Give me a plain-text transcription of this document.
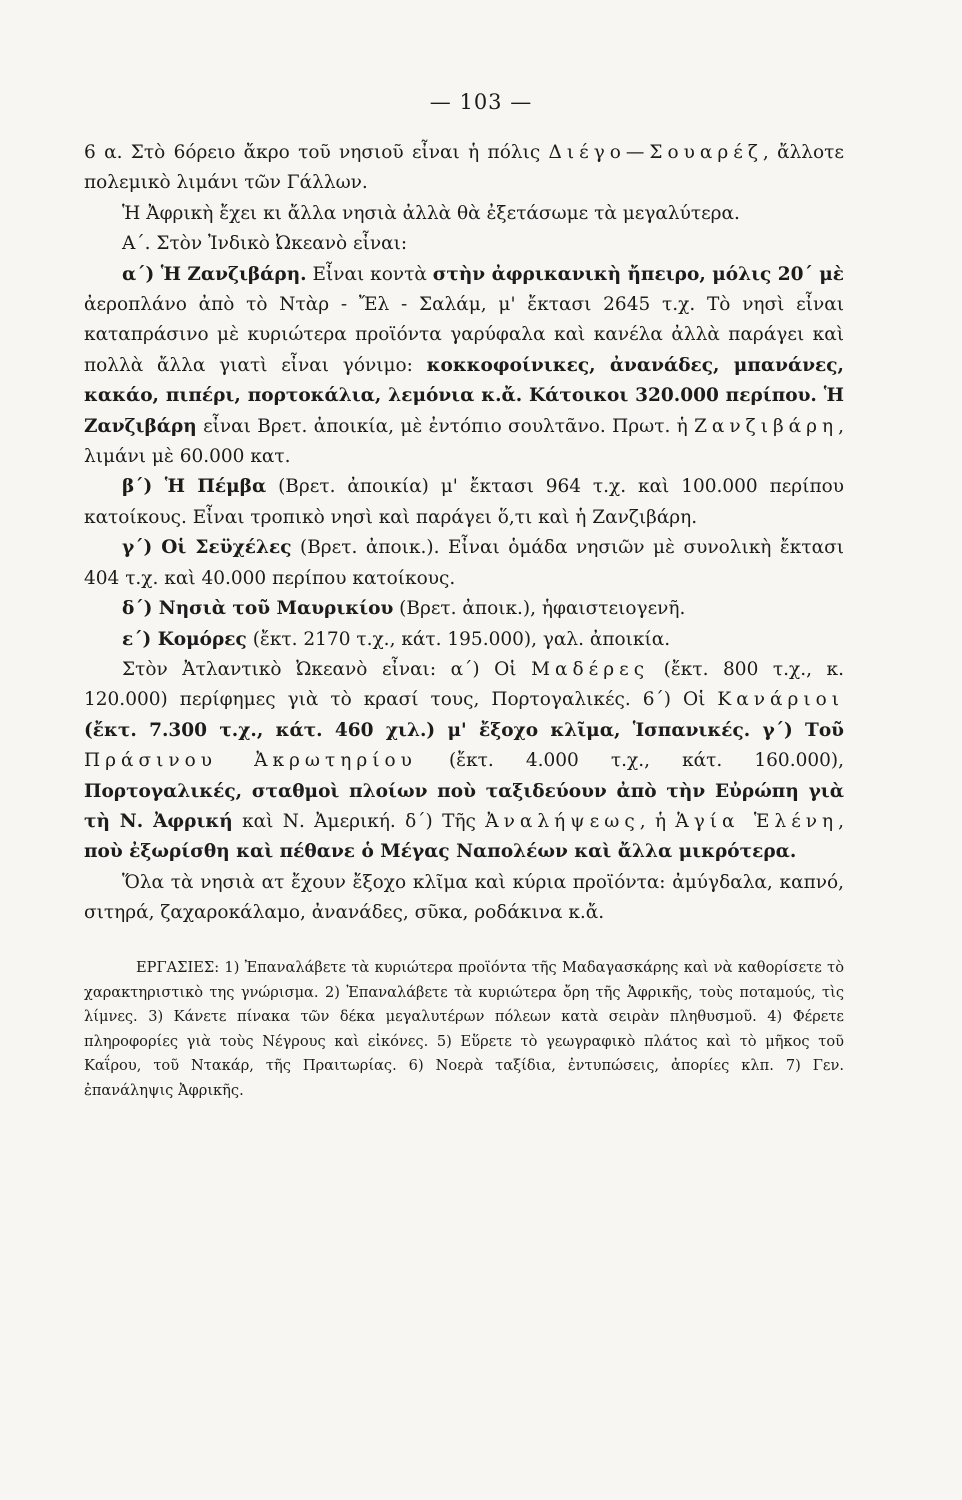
— 103 —

6 α. Στὸ 6όρειο ἄκρο τοῦ νησιοῦ εἶναι ἡ πόλις Διέγο—Σουαρέζ, ἄλλοτε πολεμικὸ λιμάνι τῶν Γάλλων.

Ἡ Ἀφρικὴ ἔχει κι ἄλλα νησιὰ ἀλλὰ θὰ ἐξετάσωμε τὰ μεγαλύτερα.

Α΄. Στὸν Ἰνδικὸ Ὠκεανὸ εἶναι:

α΄) Ἡ Ζανζιβάρη. Εἶναι κοντὰ στὴν ἀφρικανικὴ ἤπειρο, μόλις 20΄ μὲ ἀεροπλάνο ἀπὸ τὸ Ντὰρ - Ἔλ - Σαλάμ, μ' ἔκτασι 2645 τ.χ. Τὸ νησὶ εἶναι καταπράσινο μὲ κυριώτερα προϊόντα γαρύφαλα καὶ κανέλα ἀλλὰ παράγει καὶ πολλὰ ἄλλα γιατὶ εἶναι γόνιμο: κοκκοφοίνικες, ἀνανάδες, μπανάνες, κακάο, πιπέρι, πορτοκάλια, λεμόνια κ.ἄ. Κάτοικοι 320.000 περίπου. Ἡ Ζανζιβάρη εἶναι Βρετ. ἀποικία, μὲ ἐντόπιο σουλτᾶνο. Πρωτ. ἡ Ζανζιβάρη, λιμάνι μὲ 60.000 κατ.

β΄) Ἡ Πέμβα (Βρετ. ἀποικία) μ' ἔκτασι 964 τ.χ. καὶ 100.000 περίπου κατοίκους. Εἶναι τροπικὸ νησὶ καὶ παράγει ὅ,τι καὶ ἡ Ζανζιβάρη.

γ΄) Οἱ Σεϋχέλες (Βρετ. ἀποικ.). Εἶναι ὁμάδα νησιῶν μὲ συνολικὴ ἔκτασι 404 τ.χ. καὶ 40.000 περίπου κατοίκους.

δ΄) Νησιὰ τοῦ Μαυρικίου (Βρετ. ἀποικ.), ἡφαιστειογενῆ.

ε΄) Κομόρες (ἔκτ. 2170 τ.χ., κάτ. 195.000), γαλ. ἀποικία.

Στὸν Ἀτλαντικὸ Ὠκεανὸ εἶναι: α΄) Οἱ Μαδέρες (ἔκτ. 800 τ.χ., κ. 120.000) περίφημες γιὰ τὸ κρασί τους, Πορτογαλικές. 6΄) Οἱ Κανάριοι (ἔκτ. 7.300 τ.χ., κάτ. 460 χιλ.) μ' ἔξοχο κλῖμα, Ἱσπανικές. γ΄) Τοῦ Πράσινου Ἀκρωτηρίου (ἔκτ. 4.000 τ.χ., κάτ. 160.000), Πορτογαλικές, σταθμοὶ πλοίων ποὺ ταξιδεύουν ἀπὸ τὴν Εὐρώπη γιὰ τὴ Ν. Ἀφρική καὶ Ν. Ἀμερική. δ΄) Τῆς Ἀναλήψεως, ἡ Ἁγία Ἑλένη, ποὺ ἐξωρίσθη καὶ πέθανε ὁ Μέγας Ναπολέων καὶ ἄλλα μικρότερα.

Ὅλα τὰ νησιὰ ατ ἔχουν ἔξοχο κλῖμα καὶ κύρια προϊόντα: ἀμύγδαλα, καπνό, σιτηρά, ζαχαροκάλαμο, ἀνανάδες, σῦκα, ροδάκινα κ.ἄ.

ΕΡΓΑΣΙΕΣ: 1) Ἐπαναλάβετε τὰ κυριώτερα προϊόντα τῆς Μαδαγασκάρης καὶ νὰ καθορίσετε τὸ χαρακτηριστικὸ της γνώρισμα. 2) Ἐπαναλάβετε τὰ κυριώτερα ὄρη τῆς Ἀφρικῆς, τοὺς ποταμούς, τὶς λίμνες. 3) Κάνετε πίνακα τῶν δέκα μεγαλυτέρων πόλεων κατὰ σειρὰν πληθυσμοῦ. 4) Φέρετε πληροφορίες γιὰ τοὺς Νέγρους καὶ εἰκόνες. 5) Εὕρετε τὸ γεωγραφικὸ πλάτος καὶ τὸ μῆκος τοῦ Καΐρου, τοῦ Ντακάρ, τῆς Πραιτωρίας. 6) Νοερὰ ταξίδια, ἐντυπώσεις, ἀπορίες κλπ. 7) Γεν. ἐπανάληψις Ἀφρικῆς.
